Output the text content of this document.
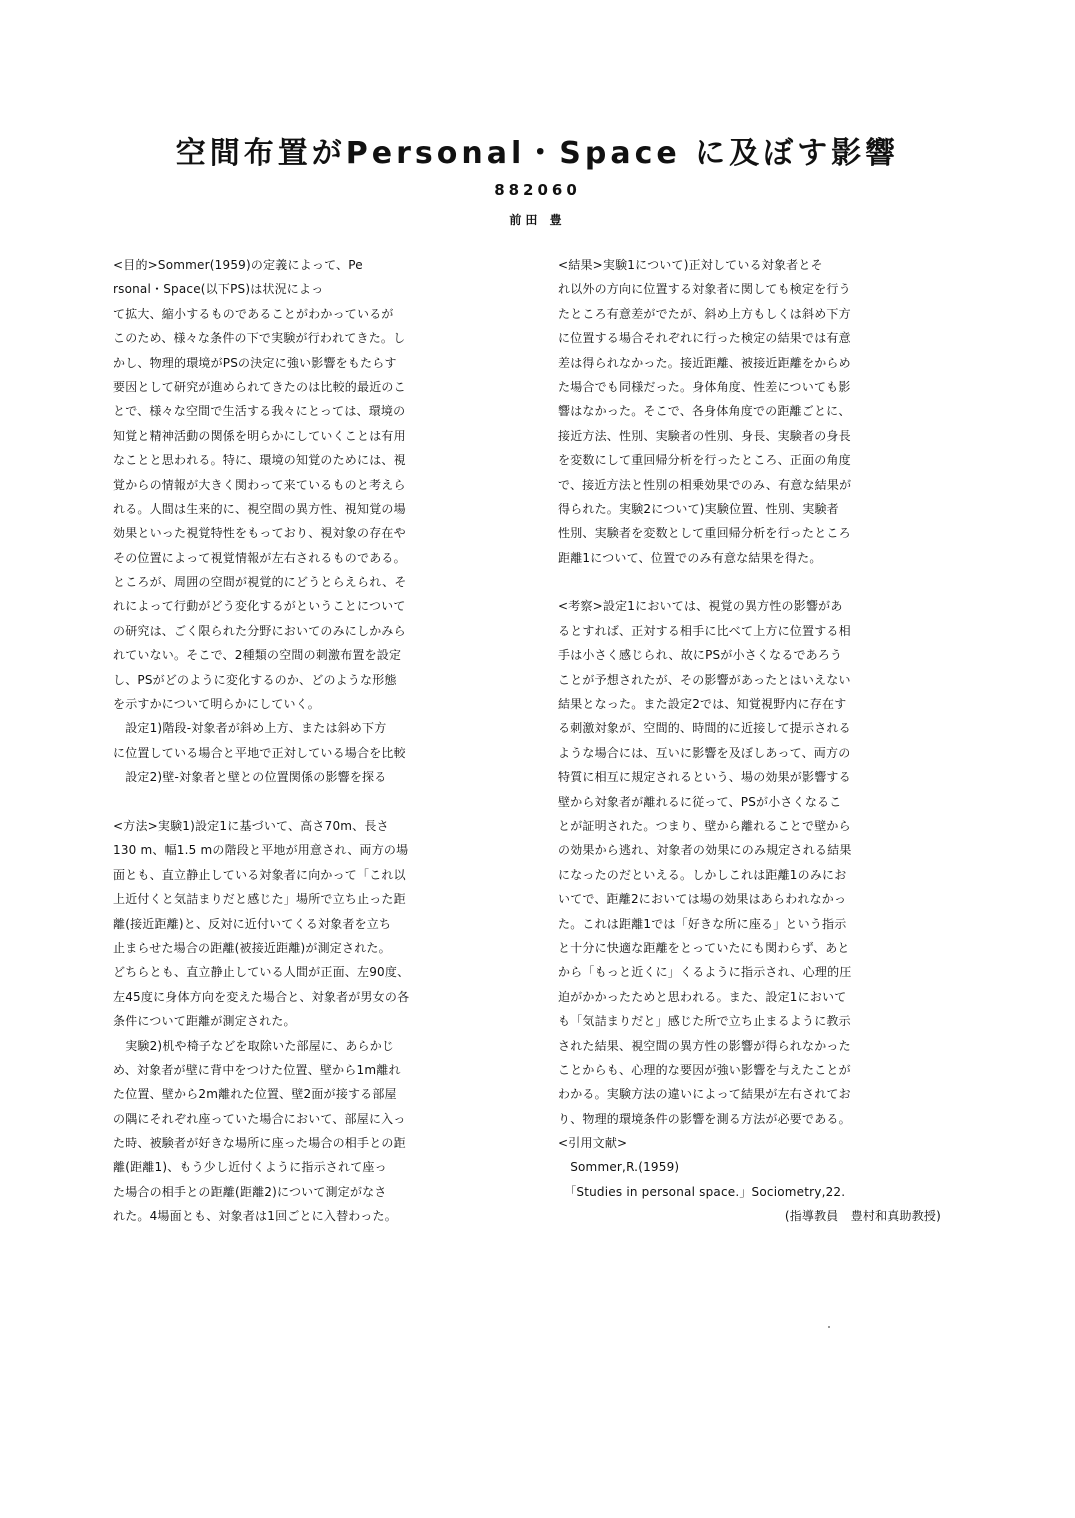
空間布置がPersonal・Space に及ぼす影響
882060
前田 豊
<目的>Sommer(1959)の定義によって、Pe
rsonal・Space(以下PS)は状況によっ
て拡大、縮小するものであることがわかっているが
このため、様々な条件の下で実験が行われてきた。し
かし、物理的環境がPSの決定に強い影響をもたらす
要因として研究が進められてきたのは比較的最近のこ
とで、様々な空間で生活する我々にとっては、環境の
知覚と精神活動の関係を明らかにしていくことは有用
なことと思われる。特に、環境の知覚のためには、視
覚からの情報が大きく関わって来ているものと考えら
れる。人間は生来的に、視空間の異方性、視知覚の場
効果といった視覚特性をもっており、視対象の存在や
その位置によって視覚情報が左右されるものである。
ところが、周囲の空間が視覚的にどうとらえられ、そ
れによって行動がどう変化するがということについて
の研究は、ごく限られた分野においてのみにしかみら
れていない。そこで、2種類の空間の刺激布置を設定
し、PSがどのように変化するのか、どのような形態
を示すかについて明らかにしていく。
　設定1)階段-対象者が斜め上方、または斜め下方
に位置している場合と平地で正対している場合を比較
　設定2)壁-対象者と壁との位置関係の影響を探る
<方法>実験1)設定1に基づいて、高さ70m、長さ
130 m、幅1.5 mの階段と平地が用意され、両方の場
面とも、直立静止している対象者に向かって「これ以
上近付くと気詰まりだと感じた」場所で立ち止った距
離(接近距離)と、反対に近付いてくる対象者を立ち
止まらせた場合の距離(被接近距離)が測定された。
どちらとも、直立静止している人間が正面、左90度、
左45度に身体方向を変えた場合と、対象者が男女の各
条件について距離が測定された。
　実験2)机や椅子などを取除いた部屋に、あらかじ
め、対象者が壁に背中をつけた位置、壁から1m離れ
た位置、壁から2m離れた位置、壁2面が接する部屋
の隅にそれぞれ座っていた場合において、部屋に入っ
た時、被験者が好きな場所に座った場合の相手との距
離(距離1)、もう少し近付くように指示されて座っ
た場合の相手との距離(距離2)について測定がなさ
れた。4場面とも、対象者は1回ごとに入替わった。
<結果>実験1について)正対している対象者とそ
れ以外の方向に位置する対象者に関しても検定を行う
たところ有意差がでたが、斜め上方もしくは斜め下方
に位置する場合それぞれに行った検定の結果では有意
差は得られなかった。接近距離、被接近距離をからめ
た場合でも同様だった。身体角度、性差についても影
響はなかった。そこで、各身体角度での距離ごとに、
接近方法、性別、実験者の性別、身長、実験者の身長
を変数にして重回帰分析を行ったところ、正面の角度
で、接近方法と性別の相乗効果でのみ、有意な結果が
得られた。実験2について)実験位置、性別、実験者
性別、実験者を変数として重回帰分析を行ったところ
距離1について、位置でのみ有意な結果を得た。
<考察>設定1においては、視覚の異方性の影響があ
るとすれば、正対する相手に比べて上方に位置する相
手は小さく感じられ、故にPSが小さくなるであろう
ことが予想されたが、その影響があったとはいえない
結果となった。また設定2では、知覚視野内に存在す
る刺激対象が、空間的、時間的に近接して提示される
ような場合には、互いに影響を及ぼしあって、両方の
特質に相互に規定されるという、場の効果が影響する
壁から対象者が離れるに従って、PSが小さくなるこ
とが証明された。つまり、壁から離れることで壁から
の効果から逃れ、対象者の効果にのみ規定される結果
になったのだといえる。しかしこれは距離1のみにお
いてで、距離2においては場の効果はあらわれなかっ
た。これは距離1では「好きな所に座る」という指示
と十分に快適な距離をとっていたにも関わらず、あと
から「もっと近くに」くるように指示され、心理的圧
迫がかかったためと思われる。また、設定1において
も「気詰まりだと」感じた所で立ち止まるように教示
された結果、視空間の異方性の影響が得られなかった
ことからも、心理的な要因が強い影響を与えたことが
わかる。実験方法の違いによって結果が左右されてお
り、物理的環境条件の影響を測る方法が必要である。
<引用文献>
　Sommer,R.(1959)
　「Studies in personal space.」Sociometry,22.
(指導教員　豊村和真助教授)
